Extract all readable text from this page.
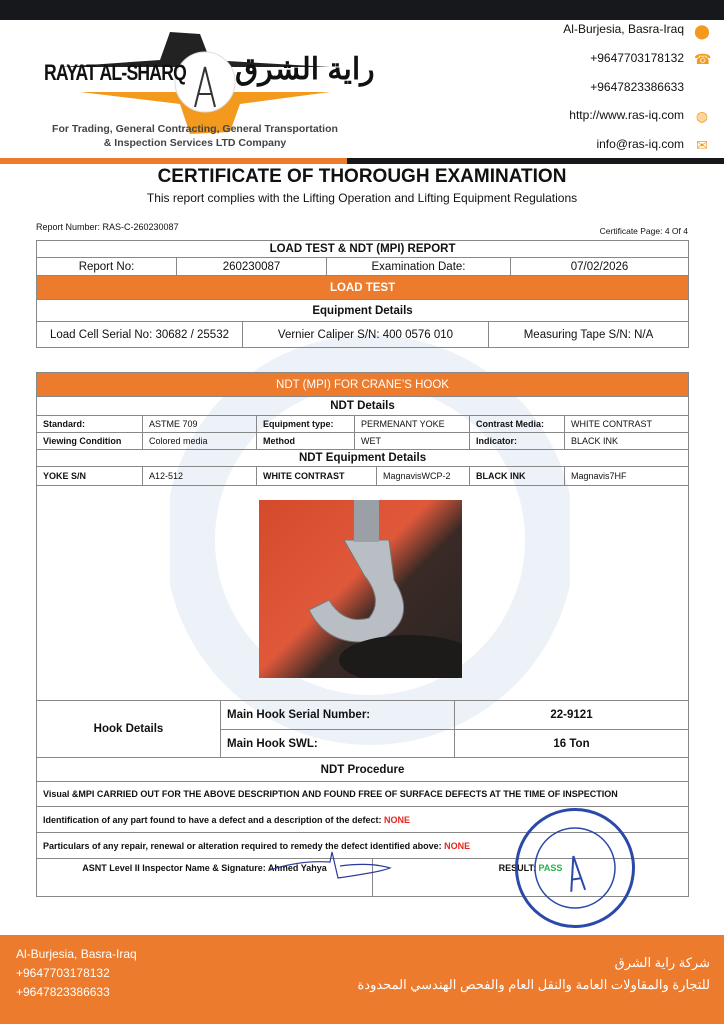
RAYAT AL-SHARQ راية الشرق
For Trading, General Contracting, General Transportation
& Inspection Services LTD Company
Al-Burjesia, Basra-Iraq ⬤
+9647703178132 ☎
+9647823386633
http://www.ras-iq.com ◍
info@ras-iq.com ✉
CERTIFICATE OF THOROUGH EXAMINATION
This report complies with the Lifting Operation and Lifting Equipment Regulations
Report Number: RAS-C-260230087	Certificate Page: 4 Of 4
LOAD TEST & NDT (MPI) REPORT
Report No:	260230087	Examination Date:	07/02/2026
LOAD TEST
Equipment Details
Load Cell Serial No: 30682 / 25532	Vernier Caliper S/N: 400 0576 010	Measuring Tape S/N: N/A
NDT (MPI) FOR CRANE’S HOOK					
NDT Details					
Standard:	ASTME 709	Equipment type:	PERMENANT YOKE	Contrast Media:	WHITE CONTRAST
Viewing Condition	Colored media	Method	WET	Indicator:	BLACK INK
NDT Equipment Details					
YOKE S/N	A12-512	WHITE CONTRAST	MagnavisWCP-2	BLACK INK	Magnavis7HF

Hook Details	Main Hook Serial Number:	22-9121
	Main Hook SWL:	16 Ton
NDT Procedure
Visual &MPI CARRIED OUT FOR THE ABOVE DESCRIPTION AND FOUND FREE OF SURFACE DEFECTS AT THE TIME OF INSPECTION
Identification of any part found to have a defect and a description of the defect: NONE
Particulars of any repair, renewal or alteration required to remedy the defect identified above: NONE
ASNT Level II Inspector Name & Signature: Ahmed Yahya	RESULT: PASS
Al-Burjesia, Basra-Iraq
+9647703178132
+9647823386633
شركة راية الشرق
للتجارة والمقاولات العامة والنقل العام والفحص الهندسي المحدودة
